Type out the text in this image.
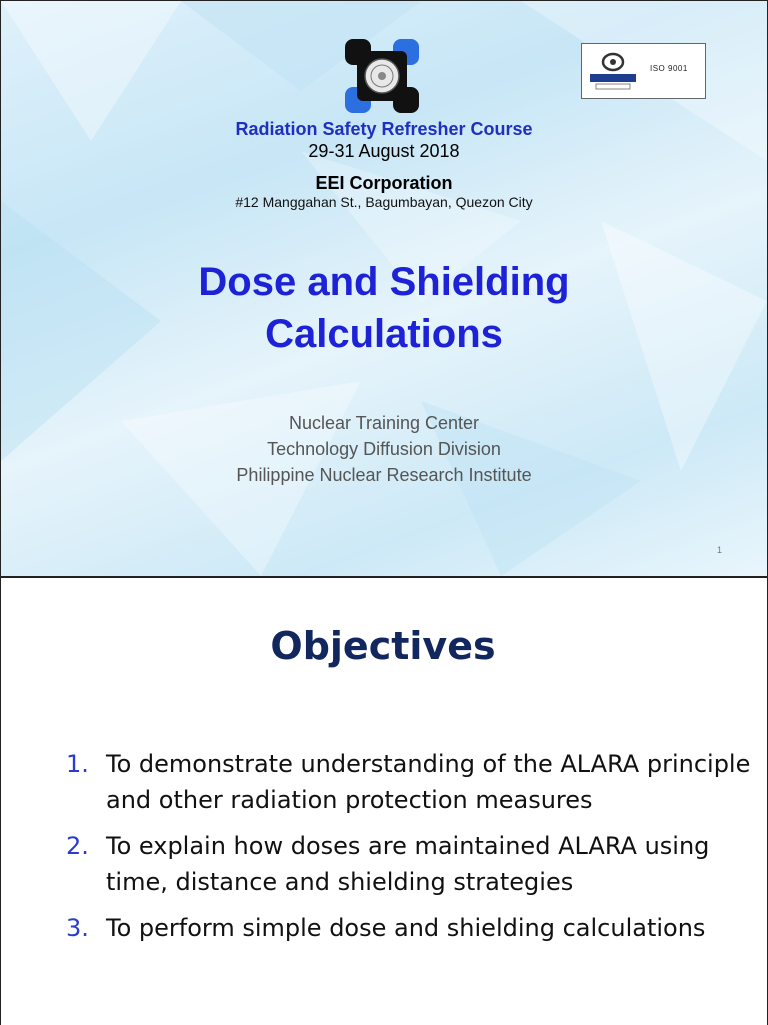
ISO 9001
Radiation Safety Refresher Course
29-31 August 2018
EEI Corporation
#12 Manggahan St., Bagumbayan, Quezon City
Dose and Shielding
Calculations
Nuclear Training Center
Technology Diffusion Division
Philippine Nuclear Research Institute
1
Objectives
1. To demonstrate understanding of the ALARA principle and other radiation protection measures
2. To explain how doses are maintained ALARA using time, distance and shielding strategies
3. To perform simple dose and shielding calculations
